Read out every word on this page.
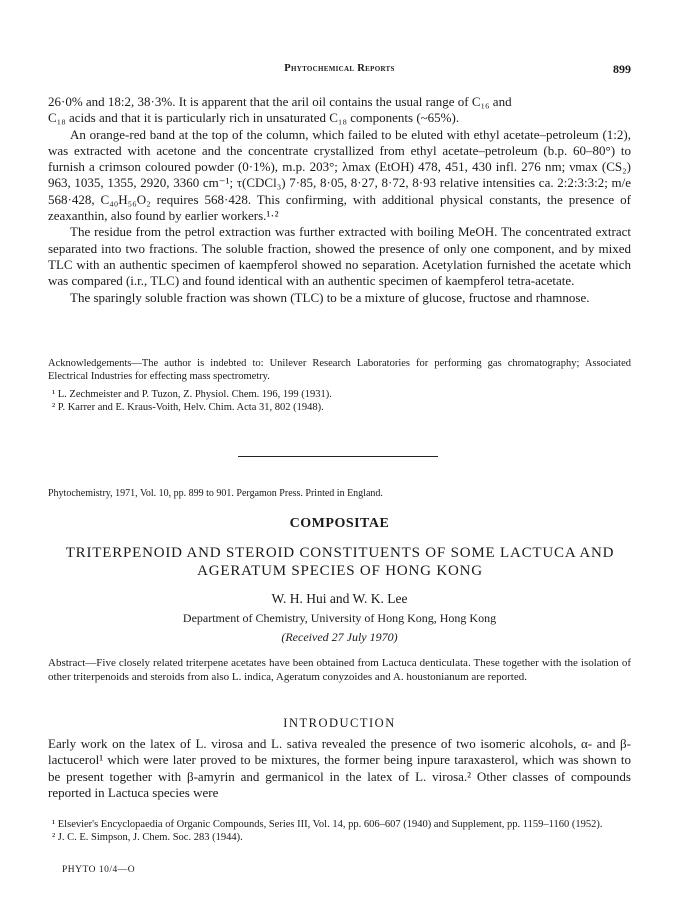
Phytochemical Reports	899

26·0% and 18:2, 38·3%. It is apparent that the aril oil contains the usual range of C₁₆ and

C₁₈ acids and that it is particularly rich in unsaturated C₁₈ components (~65%).

An orange-red band at the top of the column, which failed to be eluted with ethyl acetate–petroleum (1:2), was extracted with acetone and the concentrate crystallized from ethyl acetate–petroleum (b.p. 60–80°) to furnish a crimson coloured powder (0·1%), m.p. 203°; λmax (EtOH) 478, 451, 430 infl. 276 nm; νmax (CS₂) 963, 1035, 1355, 2920, 3360 cm⁻¹; τ(CDCl₃) 7·85, 8·05, 8·27, 8·72, 8·93 relative intensities ca. 2:2:3:3:2; m/e 568·428, C₄₀H₅₆O₂ requires 568·428. This confirming, with additional physical constants, the presence of zeaxanthin, also found by earlier workers.¹·²

The residue from the petrol extraction was further extracted with boiling MeOH. The concentrated extract separated into two fractions. The soluble fraction, showed the presence of only one component, and by mixed TLC with an authentic specimen of kaempferol showed no separation. Acetylation furnished the acetate which was compared (i.r., TLC) and found identical with an authentic specimen of kaempferol tetra-acetate.

The sparingly soluble fraction was shown (TLC) to be a mixture of glucose, fructose and rhamnose.

Acknowledgements—The author is indebted to: Unilever Research Laboratories for performing gas chromatography; Associated Electrical Industries for effecting mass spectrometry.
¹ L. Zechmeister and P. Tuzon, Z. Physiol. Chem. 196, 199 (1931).
² P. Karrer and E. Kraus-Voith, Helv. Chim. Acta 31, 802 (1948).
Phytochemistry, 1971, Vol. 10, pp. 899 to 901. Pergamon Press. Printed in England.
COMPOSITAE
TRITERPENOID AND STEROID CONSTITUENTS OF SOME LACTUCA AND
AGERATUM SPECIES OF HONG KONG
W. H. Hui and W. K. Lee
Department of Chemistry, University of Hong Kong, Hong Kong
(Received 27 July 1970)
Abstract—Five closely related triterpene acetates have been obtained from Lactuca denticulata. These together with the isolation of other triterpenoids and steroids from also L. indica, Ageratum conyzoides and A. houstonianum are reported.
INTRODUCTION
Early work on the latex of L. virosa and L. sativa revealed the presence of two isomeric alcohols, α- and β-lactucerol¹ which were later proved to be mixtures, the former being inpure taraxasterol, which was shown to be present together with β-amyrin and germanicol in the latex of L. virosa.² Other classes of compounds reported in Lactuca species were
¹ Elsevier's Encyclopaedia of Organic Compounds, Series III, Vol. 14, pp. 606–607 (1940) and Supplement, pp. 1159–1160 (1952).
² J. C. E. Simpson, J. Chem. Soc. 283 (1944).
PHYTO 10/4—O
